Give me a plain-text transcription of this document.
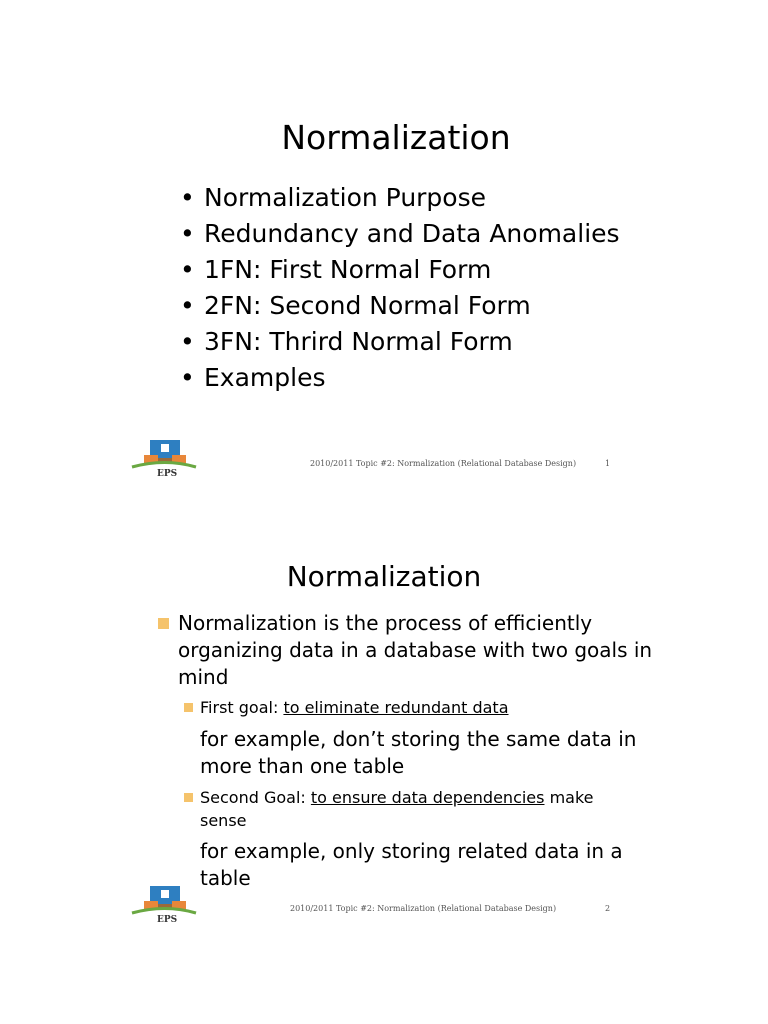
Normalization
• Normalization Purpose
• Redundancy and Data Anomalies
• 1FN: First Normal Form
• 2FN: Second Normal Form
• 3FN: Thrird Normal Form
• Examples
EPS
2010/2011 Topic #2: Normalization (Relational Database Design)	1
Normalization
Normalization is the process of efficiently
organizing data in a database with two goals in
mind
First goal: to eliminate redundant data
for example, don’t storing the same data in
more than one table
Second Goal: to ensure data dependencies make
sense
for example, only storing related data in a
table
EPS
2010/2011 Topic #2: Normalization (Relational Database Design)	2
